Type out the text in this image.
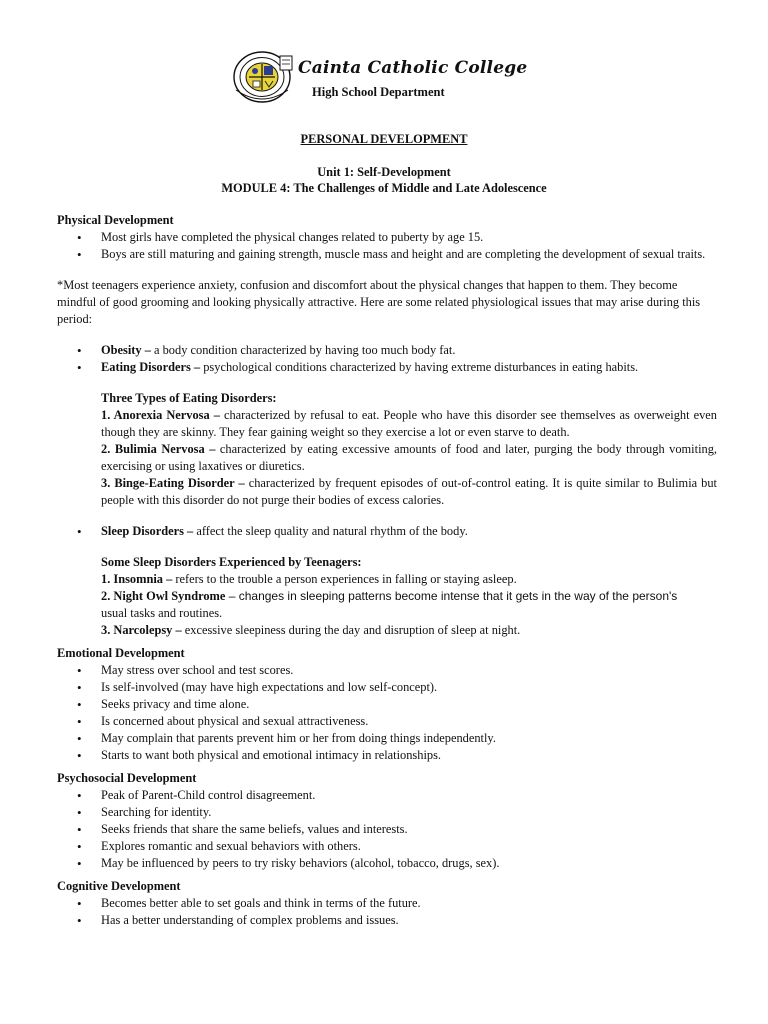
Cainta Catholic College
High School Department
PERSONAL DEVELOPMENT
Unit 1: Self-Development
MODULE 4: The Challenges of Middle and Late Adolescence

Physical Development

• Most girls have completed the physical changes related to puberty by age 15.
• Boys are still maturing and gaining strength, muscle mass and height and are completing the development of sexual traits.

*Most teenagers experience anxiety, confusion and discomfort about the physical changes that happen to them. They become mindful of good grooming and looking physically attractive. Here are some related physiological issues that may arise during this period:

• Obesity – a body condition characterized by having too much body fat.
• Eating Disorders – psychological conditions characterized by having extreme disturbances in eating habits.

Three Types of Eating Disorders:

1. Anorexia Nervosa – characterized by refusal to eat. People who have this disorder see themselves as overweight even though they are skinny. They fear gaining weight so they exercise a lot or even starve to death.

2. Bulimia Nervosa – characterized by eating excessive amounts of food and later, purging the body through vomiting, exercising or using laxatives or diuretics.

3. Binge-Eating Disorder – characterized by frequent episodes of out-of-control eating. It is quite similar to Bulimia but people with this disorder do not purge their bodies of excess calories.

• Sleep Disorders – affect the sleep quality and natural rhythm of the body.

Some Sleep Disorders Experienced by Teenagers:

1. Insomnia – refers to the trouble a person experiences in falling or staying asleep.

2. Night Owl Syndrome – changes in sleeping patterns become intense that it gets in the way of the person's

usual tasks and routines.

3. Narcolepsy – excessive sleepiness during the day and disruption of sleep at night.

Emotional Development

• May stress over school and test scores.
• Is self-involved (may have high expectations and low self-concept).
• Seeks privacy and time alone.
• Is concerned about physical and sexual attractiveness.
• May complain that parents prevent him or her from doing things independently.
• Starts to want both physical and emotional intimacy in relationships.

Psychosocial Development

• Peak of Parent-Child control disagreement.
• Searching for identity.
• Seeks friends that share the same beliefs, values and interests.
• Explores romantic and sexual behaviors with others.
• May be influenced by peers to try risky behaviors (alcohol, tobacco, drugs, sex).

Cognitive Development

• Becomes better able to set goals and think in terms of the future.
• Has a better understanding of complex problems and issues.
